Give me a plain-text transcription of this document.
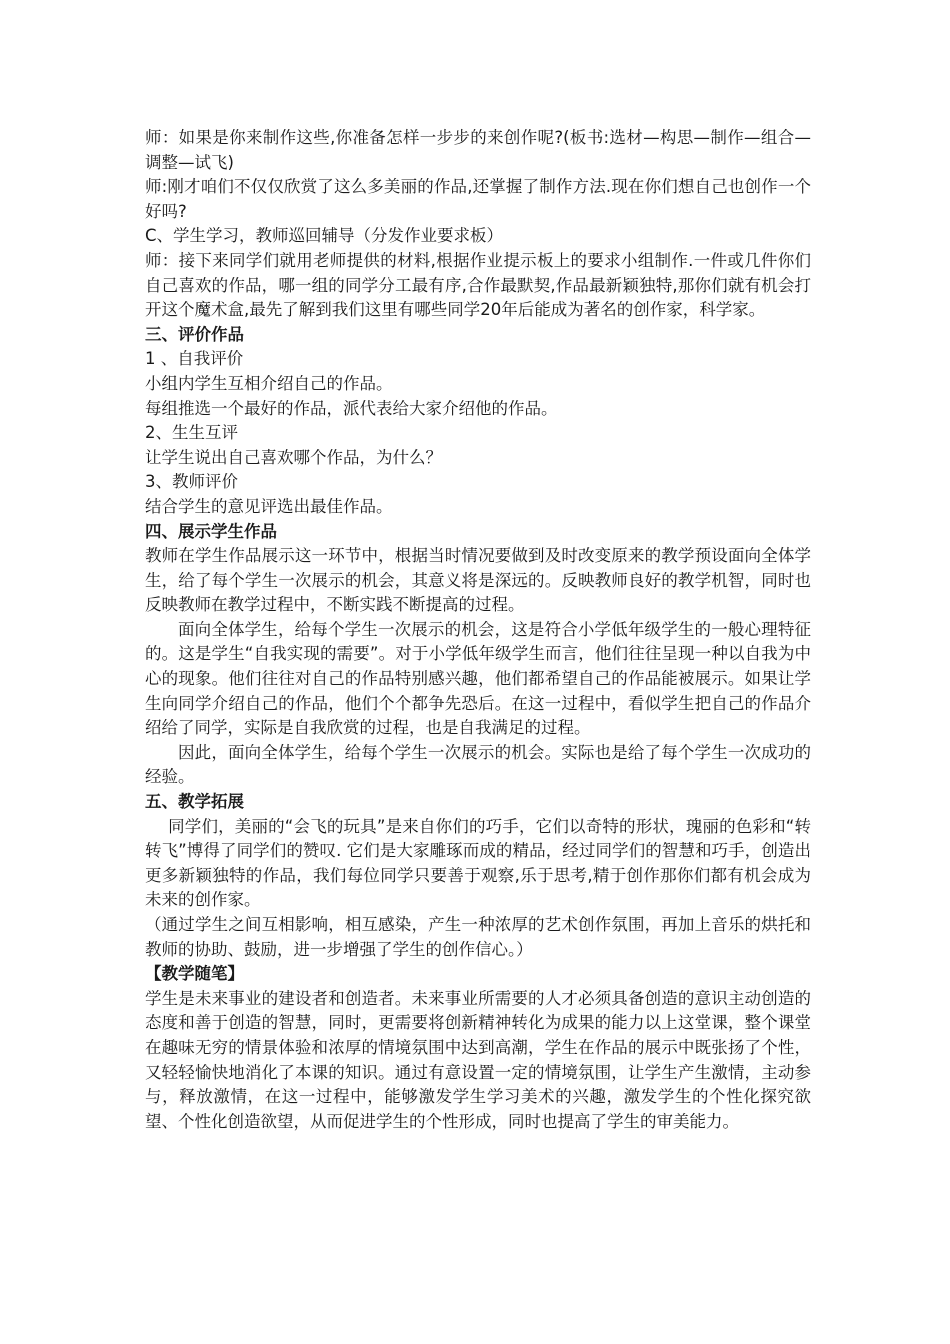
师：如果是你来制作这些,你准备怎样一步步的来创作呢?(板书:选材—构思—制作—组合—调整—试飞)

师:刚才咱们不仅仅欣赏了这么多美丽的作品,还掌握了制作方法.现在你们想自己也创作一个好吗?

C、学生学习，教师巡回辅导（分发作业要求板）

师：接下来同学们就用老师提供的材料,根据作业提示板上的要求小组制作.一件或几件你们自己喜欢的作品，哪一组的同学分工最有序,合作最默契,作品最新颖独特,那你们就有机会打开这个魔术盒,最先了解到我们这里有哪些同学20年后能成为著名的创作家，科学家。

三、评价作品

1 、自我评价

小组内学生互相介绍自己的作品。

每组推选一个最好的作品，派代表给大家介绍他的作品。

2、生生互评

让学生说出自己喜欢哪个作品，为什么？

3、教师评价

结合学生的意见评选出最佳作品。

四、展示学生作品

教师在学生作品展示这一环节中，根据当时情况要做到及时改变原来的教学预设面向全体学生，给了每个学生一次展示的机会，其意义将是深远的。反映教师良好的教学机智，同时也反映教师在教学过程中，不断实践不断提高的过程。

面向全体学生，给每个学生一次展示的机会，这是符合小学低年级学生的一般心理特征的。这是学生“自我实现的需要”。对于小学低年级学生而言，他们往往呈现一种以自我为中心的现象。他们往往对自己的作品特别感兴趣，他们都希望自己的作品能被展示。如果让学生向同学介绍自己的作品，他们个个都争先恐后。在这一过程中，看似学生把自己的作品介绍给了同学，实际是自我欣赏的过程，也是自我满足的过程。

因此，面向全体学生，给每个学生一次展示的机会。实际也是给了每个学生一次成功的经验。

五、教学拓展

同学们，美丽的“会飞的玩具”是来自你们的巧手，它们以奇特的形状，瑰丽的色彩和“转转飞”博得了同学们的赞叹. 它们是大家雕琢而成的精品，经过同学们的智慧和巧手，创造出更多新颖独特的作品，我们每位同学只要善于观察,乐于思考,精于创作那你们都有机会成为未来的创作家。

（通过学生之间互相影响，相互感染，产生一种浓厚的艺术创作氛围，再加上音乐的烘托和教师的协助、鼓励，进一步增强了学生的创作信心。）

【教学随笔】

学生是未来事业的建设者和创造者。未来事业所需要的人才必须具备创造的意识主动创造的态度和善于创造的智慧，同时，更需要将创新精神转化为成果的能力以上这堂课，整个课堂在趣味无穷的情景体验和浓厚的情境氛围中达到高潮，学生在作品的展示中既张扬了个性，又轻轻愉快地消化了本课的知识。通过有意设置一定的情境氛围，让学生产生激情，主动参与，释放激情，在这一过程中，能够激发学生学习美术的兴趣，激发学生的个性化探究欲望、个性化创造欲望，从而促进学生的个性形成，同时也提高了学生的审美能力。
